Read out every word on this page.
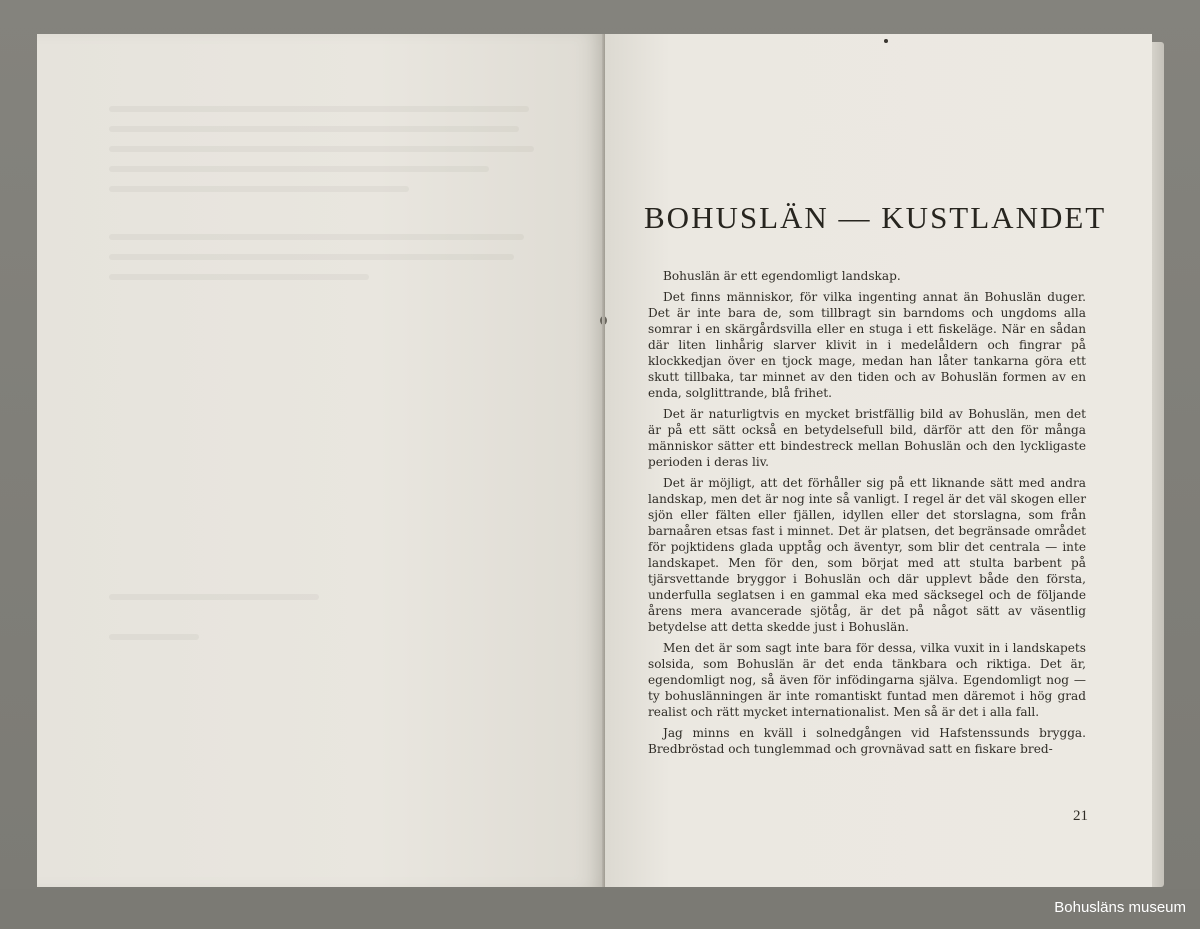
BOHUSLÄN — KUSTLANDET

Bohuslän är ett egendomligt landskap.

Det finns människor, för vilka ingenting annat än Bohuslän duger. Det är inte bara de, som tillbragt sin barndoms och ungdoms alla somrar i en skärgårdsvilla eller en stuga i ett fiskeläge. När en sådan där liten linhårig slarver klivit in i medelåldern och fingrar på klockkedjan över en tjock mage, medan han låter tankarna göra ett skutt tillbaka, tar minnet av den tiden och av Bohuslän formen av en enda, solglittrande, blå frihet.

Det är naturligtvis en mycket bristfällig bild av Bohuslän, men det är på ett sätt också en betydelsefull bild, därför att den för många människor sätter ett bindestreck mellan Bohuslän och den lyckligaste perioden i deras liv.

Det är möjligt, att det förhåller sig på ett liknande sätt med andra landskap, men det är nog inte så vanligt. I regel är det väl skogen eller sjön eller fälten eller fjällen, idyllen eller det storslagna, som från barnaåren etsas fast i minnet. Det är platsen, det begränsade området för pojktidens glada upptåg och äventyr, som blir det centrala — inte landskapet. Men för den, som börjat med att stulta barbent på tjärsvettande bryggor i Bohuslän och där upplevt både den första, underfulla seglatsen i en gammal eka med säcksegel och de följande årens mera avancerade sjötåg, är det på något sätt av väsentlig betydelse att detta skedde just i Bohuslän.

Men det är som sagt inte bara för dessa, vilka vuxit in i landskapets solsida, som Bohuslän är det enda tänkbara och riktiga. Det är, egendomligt nog, så även för infödingarna själva. Egendomligt nog — ty bohuslänningen är inte romantiskt funtad men däremot i hög grad realist och rätt mycket internationalist. Men så är det i alla fall.

Jag minns en kväll i solnedgången vid Hafstenssunds brygga. Bredbröstad och tunglemmad och grovnävad satt en fiskare bred-

21
Bohusläns museum
